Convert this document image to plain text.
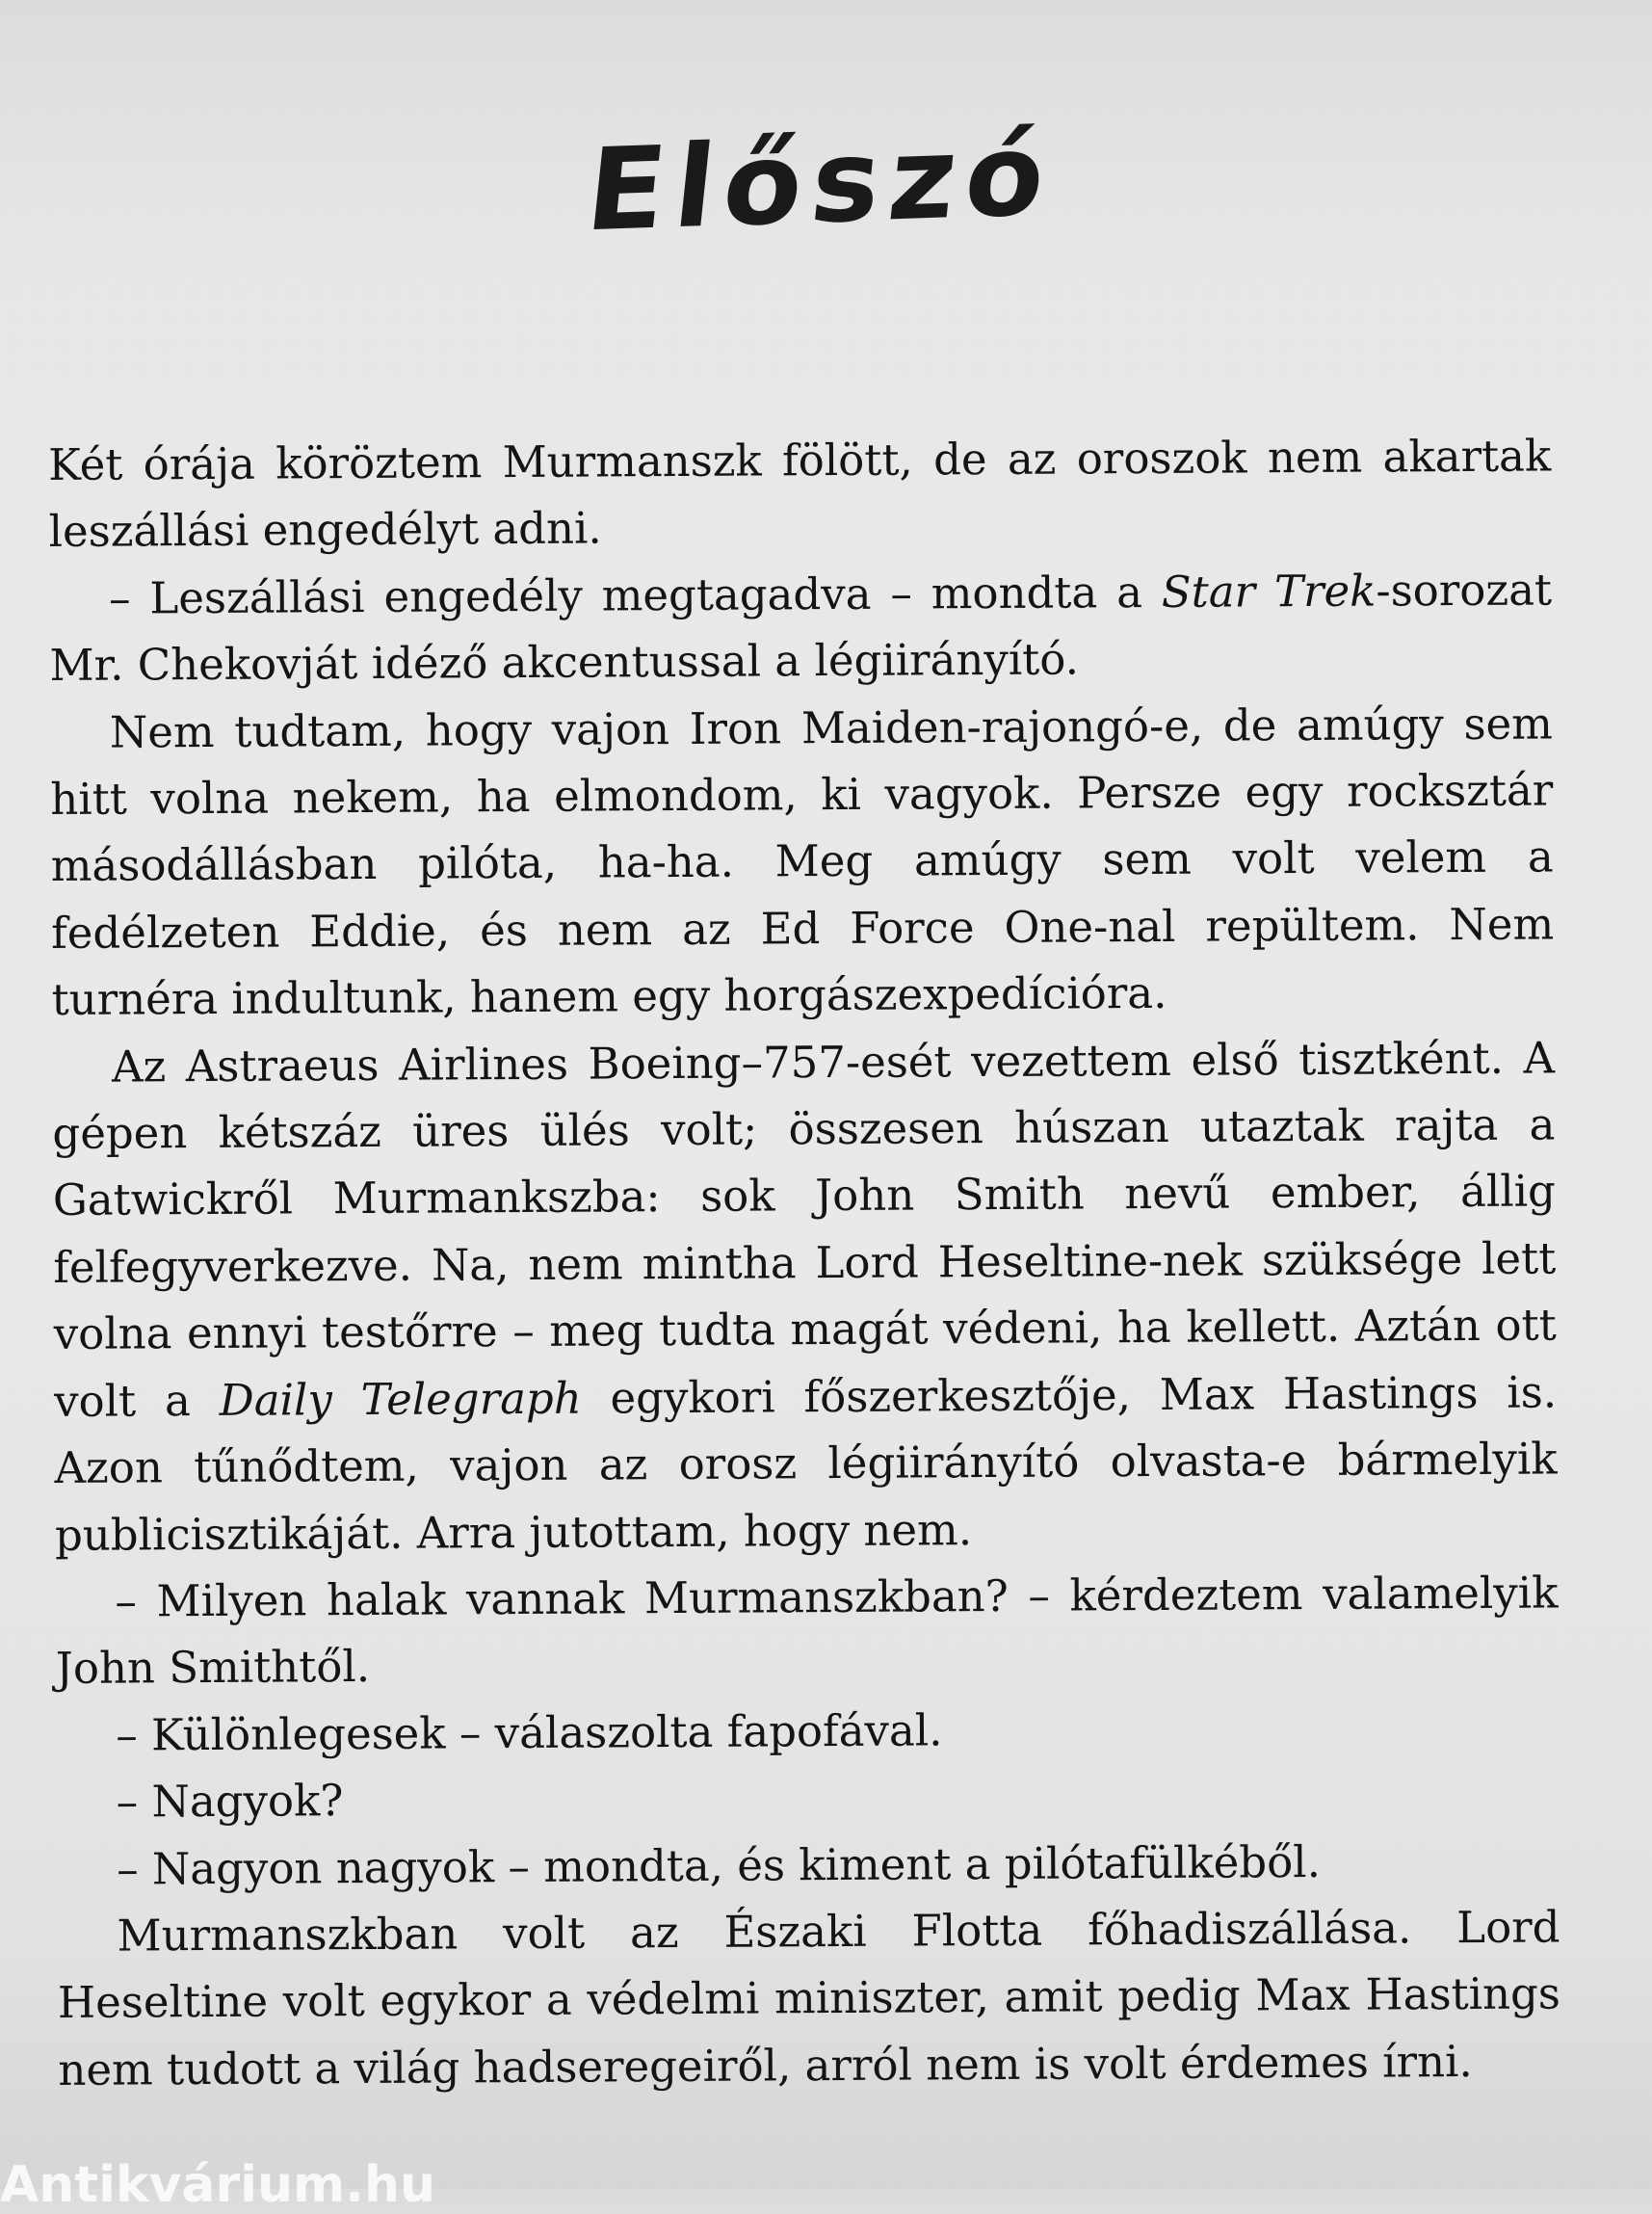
Előszó

Két órája köröztem Murmanszk fölött, de az oroszok nem akartak leszállási engedélyt adni.

– Leszállási engedély megtagadva – mondta a Star Trek-sorozat Mr. Chekovját idéző akcentussal a légiirányító.

Nem tudtam, hogy vajon Iron Maiden-rajongó-e, de amúgy sem hitt volna nekem, ha elmondom, ki vagyok. Persze egy rocksztár másodállásban pilóta, ha-ha. Meg amúgy sem volt velem a fedélzeten Eddie, és nem az Ed Force One-nal repültem. Nem turnéra indultunk, hanem egy horgászexpedícióra.

Az Astraeus Airlines Boeing–757-esét vezettem első tisztként. A gépen kétszáz üres ülés volt; összesen húszan utaztak rajta a Gatwickről Murmankszba: sok John Smith nevű ember, állig felfegyverkezve. Na, nem mintha Lord Heseltine-nek szüksége lett volna ennyi testőrre – meg tudta magát védeni, ha kellett. Aztán ott volt a Daily Telegraph egykori főszerkesztője, Max Hastings is. Azon tűnődtem, vajon az orosz légiirányító olvasta-e bármelyik publicisztikáját. Arra jutottam, hogy nem.

– Milyen halak vannak Murmanszkban? – kérdeztem valamelyik John Smithtől.

– Különlegesek – válaszolta fapofával.

– Nagyok?

– Nagyon nagyok – mondta, és kiment a pilótafülkéből.

Murmanszkban volt az Északi Flotta főhadiszállása. Lord Heseltine volt egykor a védelmi miniszter, amit pedig Max Hastings nem tudott a világ hadseregeiről, arról nem is volt érdemes írni.

Antikvárium.hu
